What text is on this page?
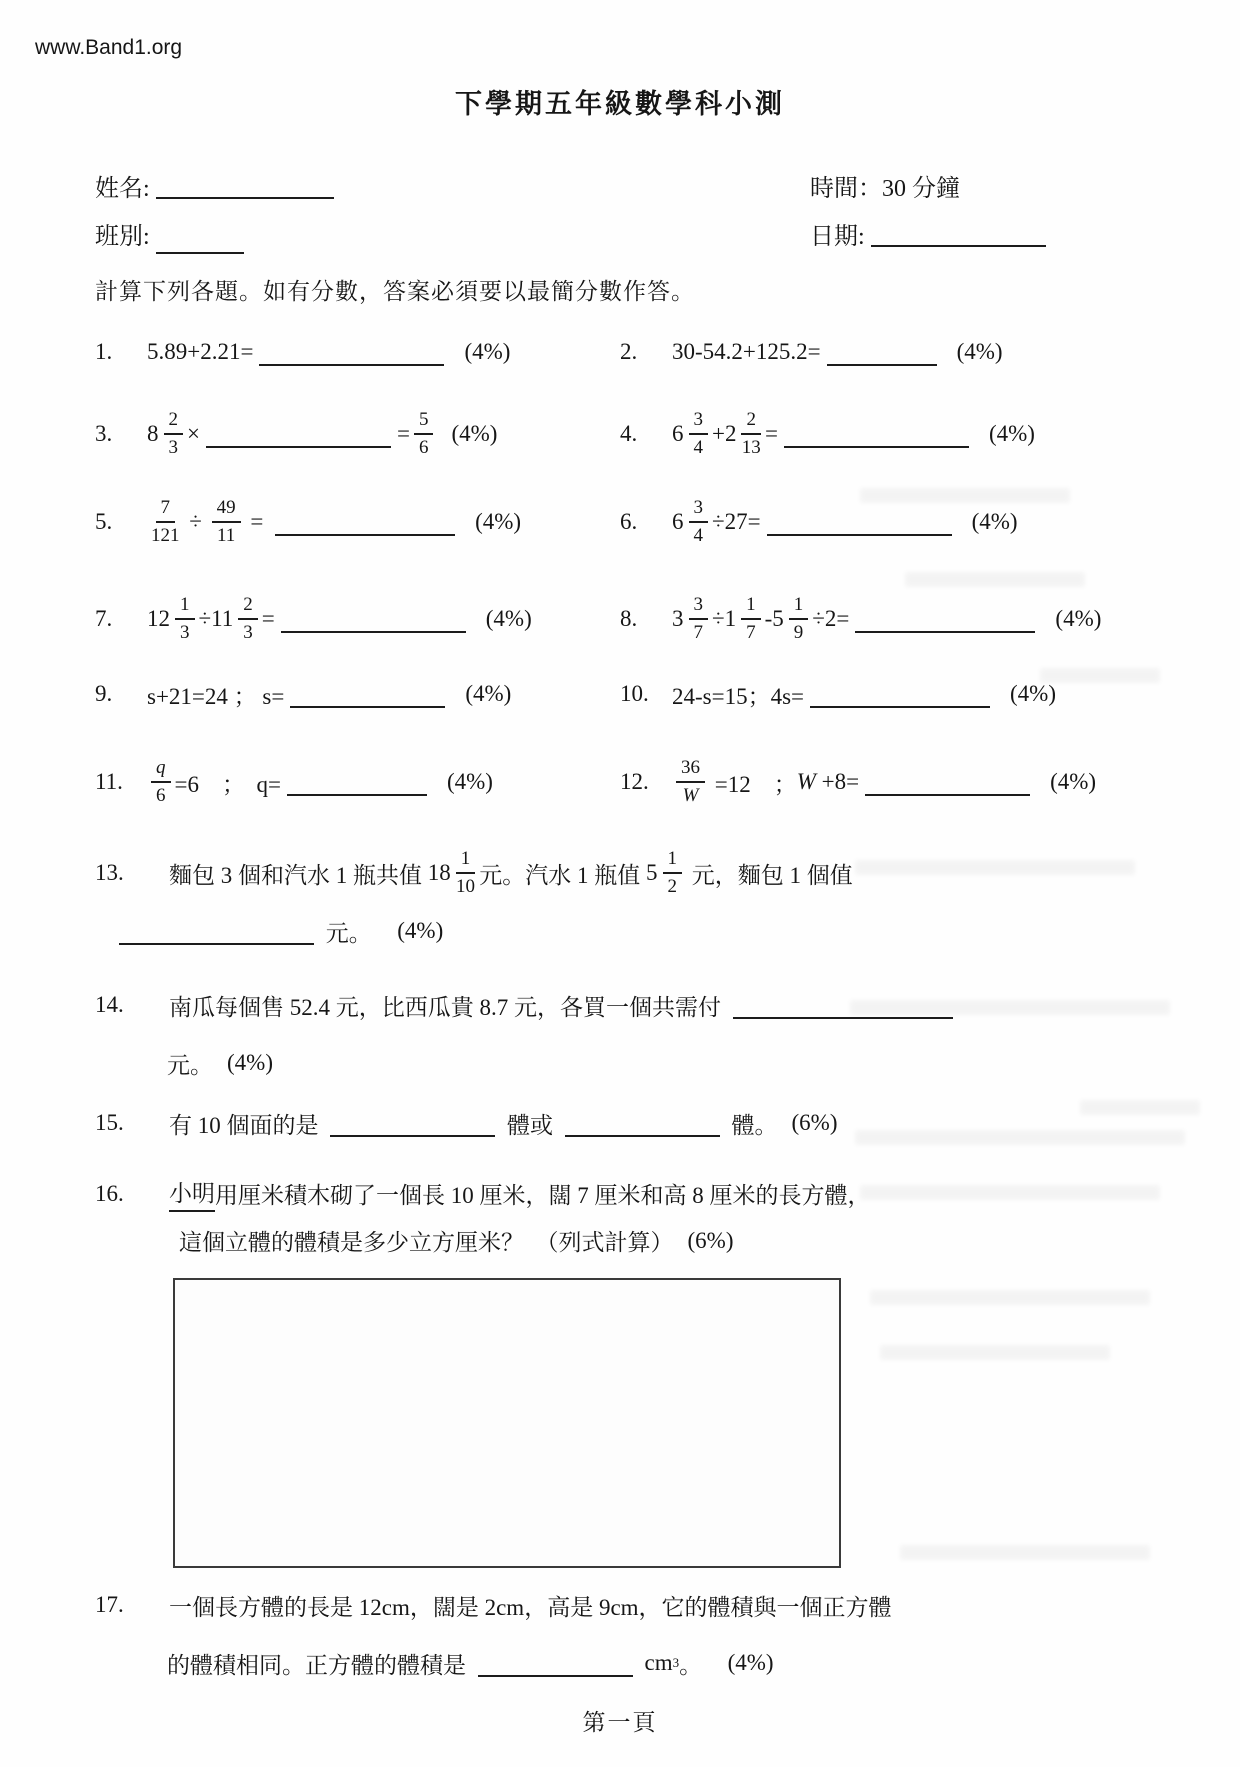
www.Band1.org
下學期五年級數學科小測
姓名:	時間：30 分鐘
班別:	日期:
計算下列各題。如有分數，答案必須要以最簡分數作答。
1.	5.89+2.21=	(4%)	2.	30-54.2+125.2=	(4%)
3.	$8 \frac{2}{3}$ ×	= $\frac{5}{6} (4\%)$	4.	$6 \frac{3}{4} + 2 \frac{2}{13}$ =	(4%)
5.	$\frac{7}{121} \div \frac{49}{11}$ =	(4%)	6.	$6 \frac{3}{4} \div 27=$	(4%)
7.	$12 \frac{1}{3} \div 11 \frac{2}{3}$ =	(4%)	8.	$3 \frac{3}{7} \div 1 \frac{1}{7} - 5 \frac{1}{9} \div 2=$	(4%)
9.	s+21=24 ； s=	(4%)	10.	24-s=15；4s=	(4%)
11.	$\frac{q}{6} =6$　；　q=	(4%)	12.	$\frac{36}{W} =12$　； W +8=	(4%)
13.	麵包 3 個和汽水 1 瓶共值 $18 \frac{1}{10}$ 元。汽水 1 瓶值 $5 \frac{1}{2}$ 元，麵包 1 個值
元。　 (4%)
14.	南瓜每個售 52.4 元，比西瓜貴 8.7 元，各買一個共需付
元。 (4%)
15.	有 10 個面的是	體或	體。 (6%)
16.	小明 用厘米積木砌了一個長 10 厘米，闊 7 厘米和高 8 厘米的長方體，
這個立體的體積是多少立方厘米？　（列式計算） (6%)
17.	一個長方體的長是 12cm，闊是 2cm，高是 9cm，它的體積與一個正方體
的體積相同。正方體的體積是	cm 3 。　 (4%)
第一頁
